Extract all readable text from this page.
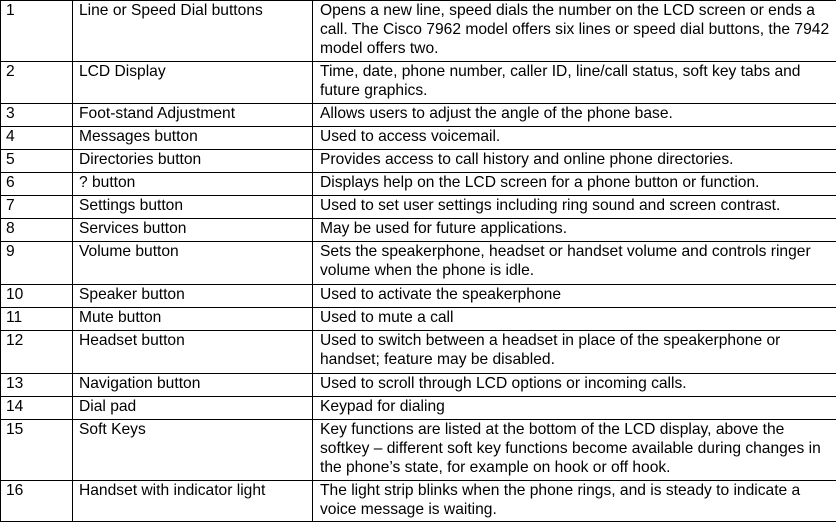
1	Line or Speed Dial buttons	Opens a new line, speed dials the number on the LCD screen or ends a call. The Cisco 7962 model offers six lines or speed dial buttons, the 7942 model offers two.
2	LCD Display	Time, date, phone number, caller ID, line/call status, soft key tabs and future graphics.
3	Foot-stand Adjustment	Allows users to adjust the angle of the phone base.
4	Messages button	Used to access voicemail.
5	Directories button	Provides access to call history and online phone directories.
6	? button	Displays help on the LCD screen for a phone button or function.
7	Settings button	Used to set user settings including ring sound and screen contrast.
8	Services button	May be used for future applications.
9	Volume button	Sets the speakerphone, headset or handset volume and controls ringer volume when the phone is idle.
10	Speaker button	Used to activate the speakerphone
11	Mute button	Used to mute a call
12	Headset button	Used to switch between a headset in place of the speakerphone or handset; feature may be disabled.
13	Navigation button	Used to scroll through LCD options or incoming calls.
14	Dial pad	Keypad for dialing
15	Soft Keys	Key functions are listed at the bottom of the LCD display, above the softkey – different soft key functions become available during changes in the phone’s state, for example on hook or off hook.
16	Handset with indicator light	The light strip blinks when the phone rings, and is steady to indicate a voice message is waiting.
